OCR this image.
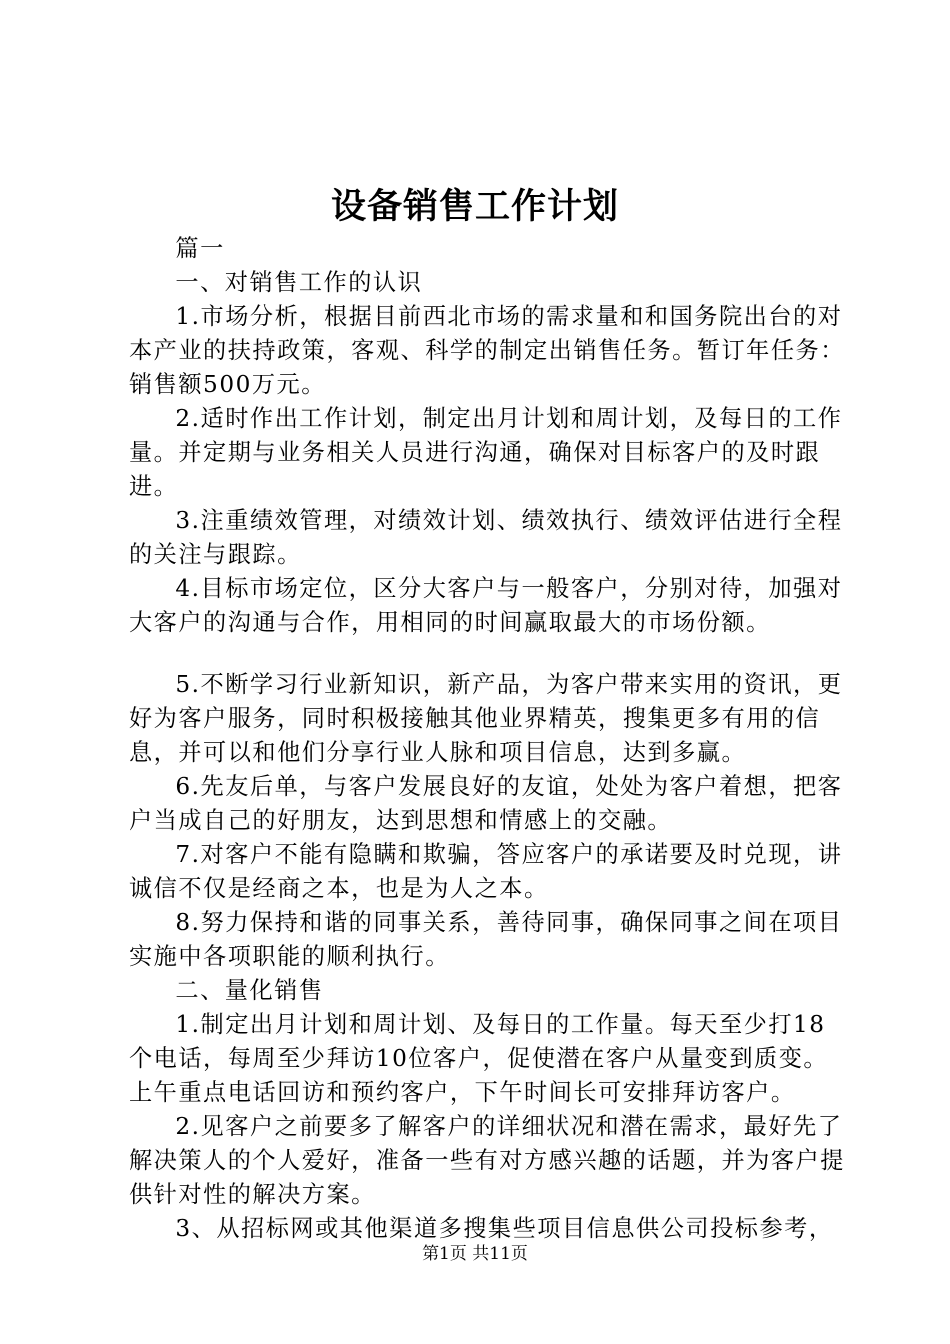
设备销售工作计划

篇一

一、对销售工作的认识

1.市场分析，根据目前西北市场的需求量和和国务院出台的对本产业的扶持政策，客观、科学的制定出销售任务。暂订年任务：销售额500万元。

2.适时作出工作计划，制定出月计划和周计划，及每日的工作量。并定期与业务相关人员进行沟通，确保对目标客户的及时跟进。

3.注重绩效管理，对绩效计划、绩效执行、绩效评估进行全程的关注与跟踪。

4.目标市场定位，区分大客户与一般客户，分别对待，加强对大客户的沟通与合作，用相同的时间赢取最大的市场份额。

5.不断学习行业新知识，新产品，为客户带来实用的资讯，更好为客户服务，同时积极接触其他业界精英，搜集更多有用的信息，并可以和他们分享行业人脉和项目信息，达到多赢。

6.先友后单，与客户发展良好的友谊，处处为客户着想，把客户当成自己的好朋友，达到思想和情感上的交融。

7.对客户不能有隐瞒和欺骗，答应客户的承诺要及时兑现，讲诚信不仅是经商之本，也是为人之本。

8.努力保持和谐的同事关系，善待同事，确保同事之间在项目实施中各项职能的顺利执行。

二、量化销售

1.制定出月计划和周计划、及每日的工作量。每天至少打18个电话，每周至少拜访10位客户，促使潜在客户从量变到质变。上午重点电话回访和预约客户，下午时间长可安排拜访客户。

2.见客户之前要多了解客户的详细状况和潜在需求，最好先了解决策人的个人爱好，准备一些有对方感兴趣的话题，并为客户提供针对性的解决方案。

3、从招标网或其他渠道多搜集些项目信息供公司投标参考，

第1页 共11页
